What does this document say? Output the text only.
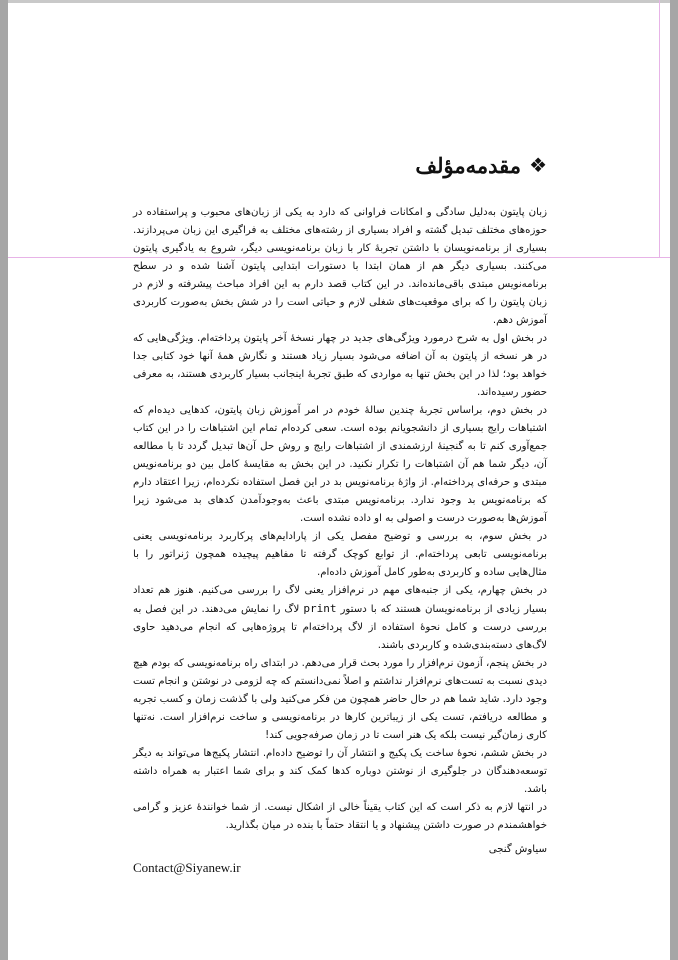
❖
مقدمه‌مؤلف

زبان پایتون به‌دلیل سادگی و امکانات فراوانی که دارد به یکی از زبان‌های محبوب و پراستفاده در حوزه‌های مختلف تبدیل گشته و افراد بسیاری از رشته‌های مختلف به فراگیری این زبان می‌پردازند. بسیاری از برنامه‌نویسان با داشتن تجربهٔ کار با زبان برنامه‌نویسی دیگر، شروع به یادگیری پایتون می‌کنند. بسیاری دیگر هم از همان ابتدا با دستورات ابتدایی پایتون آشنا شده و در سطح برنامه‌نویس مبتدی باقی‌مانده‌اند. در این کتاب قصد دارم به این افراد مباحث پیشرفته و لازم در زبان پایتون را که برای موقعیت‌های شغلی لازم و حیاتی است را در شش بخش به‌صورت کاربردی آموزش دهم.

در بخش اول به شرح درمورد ویژگی‌های جدید در چهار نسخهٔ آخر پایتون پرداخته‌ام. ویژگی‌هایی که در هر نسخه از پایتون به آن اضافه می‌شود بسیار زیاد هستند و نگارش همهٔ آنها خود کتابی جدا خواهد بود؛ لذا در این بخش تنها به مواردی که طبق تجربهٔ اینجانب بسیار کاربردی هستند، به معرفی حضور رسیده‌اند.

در بخش دوم، براساس تجربهٔ چندین سالهٔ خودم در امر آموزش زبان پایتون، کدهایی دیده‌ام که اشتباهات رایج بسیاری از دانشجویانم بوده است. سعی کرده‌ام تمام این اشتباهات را در این کتاب جمع‌آوری کنم تا به گنجینهٔ ارزشمندی از اشتباهات رایج و روش حل آن‌ها تبدیل گردد تا با مطالعه آن، دیگر شما هم آن اشتباهات را تکرار نکنید. در این بخش به مقایسهٔ کامل بین دو برنامه‌نویس مبتدی و حرفه‌ای پرداخته‌ام. از واژهٔ برنامه‌نویس بد در این فصل استفاده نکرده‌ام، زیرا اعتقاد دارم که برنامه‌نویس بد وجود ندارد. برنامه‌نویس مبتدی باعث به‌وجودآمدن کدهای بد می‌شود زیرا آموزش‌ها به‌صورت درست و اصولی به او داده نشده است.

در بخش سوم، به بررسی و توضیح مفصل یکی از پارادایم‌های پرکاربرد برنامه‌نویسی یعنی برنامه‌نویسی تابعی پرداخته‌ام. از توابع کوچک گرفته تا مفاهیم پیچیده همچون ژنراتور را با مثال‌هایی ساده و کاربردی به‌طور کامل آموزش داده‌ام.

در بخش چهارم، یکی از جنبه‌های مهم در نرم‌افزار یعنی لاگ را بررسی می‌کنیم. هنوز هم تعداد بسیار زیادی از برنامه‌نویسان هستند که با دستور print لاگ را نمایش می‌دهند. در این فصل به بررسی درست و کامل نحوهٔ استفاده از لاگ پرداخته‌ام تا پروژه‌هایی که انجام می‌دهید حاوی لاگ‌های دسته‌بندی‌شده و کاربردی باشند.

در بخش پنجم، آزمون نرم‌افزار را مورد بحث قرار می‌دهم. در ابتدای راه برنامه‌نویسی که بودم هیچ دیدی نسبت به تست‌های نرم‌افزار نداشتم و اصلاً نمی‌دانستم که چه لزومی در نوشتن و انجام تست وجود دارد. شاید شما هم در حال حاضر همچون من فکر می‌کنید ولی با گذشت زمان و کسب تجربه و مطالعه دریافتم، تست یکی از زیباترین کارها در برنامه‌نویسی و ساخت نرم‌افزار است. نه‌تنها کاری زمان‌گیر نیست بلکه یک هنر است تا در زمان صرفه‌جویی کند!

در بخش ششم، نحوهٔ ساخت یک پکیج و انتشار آن را توضیح داده‌ام. انتشار پکیج‌ها می‌تواند به دیگر توسعه‌دهندگان در جلوگیری از نوشتن دوباره کدها کمک کند و برای شما اعتبار به همراه داشته باشد.

در انتها لازم به ذکر است که این کتاب یقیناً خالی از اشکال نیست. از شما خوانندهٔ عزیز و گرامی خواهشمندم در صورت داشتن پیشنهاد و یا انتقاد حتماً با بنده در میان بگذارید.

سیاوش گنجی
Contact@Siyanew.ir
